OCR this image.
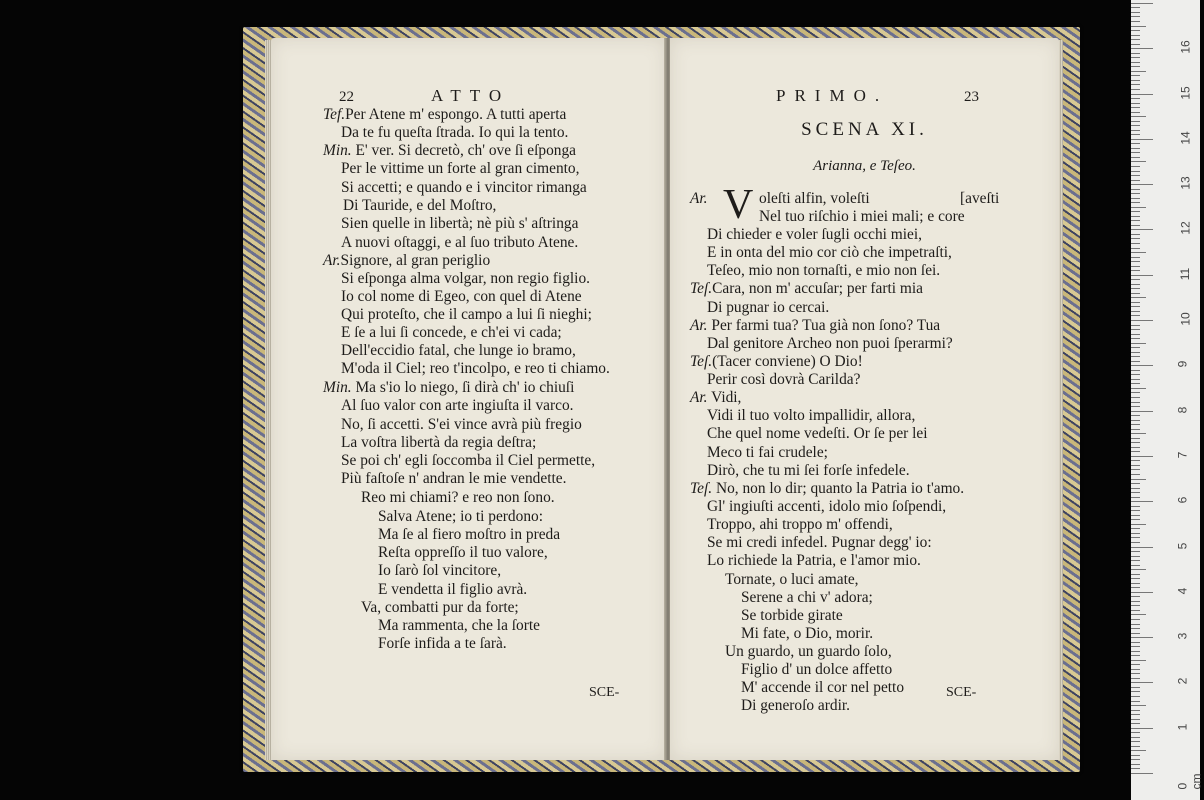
22	ATTO
Tef.Per Atene m' espongo. A tutti aperta
Da te fu queſta ſtrada. Io qui la tento.
Min. E' ver. Si decretò, ch' ove ſi eſponga
Per le vittime un forte al gran cimento,
Si accetti; e quando e i vincitor rimanga
Di Tauride, e del Moſtro,
Sien quelle in libertà; nè più s' aſtringa
A nuovi oſtaggi, e al ſuo tributo Atene.
Ar.Signore, al gran periglio
Si eſponga alma volgar, non regio figlio.
Io col nome di Egeo, con quel di Atene
Qui proteſto, che il campo a lui ſi nieghi;
E ſe a lui ſi concede, e ch'ei vi cada;
Dell'eccidio fatal, che lunge io bramo,
M'oda il Ciel; reo t'incolpo, e reo ti chiamo.
Min. Ma s'io lo niego, ſi dirà ch' io chiuſi
Al ſuo valor con arte ingiuſta il varco.
No, ſi accetti. S'ei vince avrà più fregio
La voſtra libertà da regia deſtra;
Se poi ch' egli ſoccomba il Ciel permette,
Più faſtoſe n' andran le mie vendette.
Reo mi chiami? e reo non ſono.
Salva Atene; io ti perdono:
Ma ſe al fiero moſtro in preda
Reſta oppreſſo il tuo valore,
Io ſarò ſol vincitore,
E vendetta il figlio avrà.
Va, combatti pur da forte;
Ma rammenta, che la ſorte
Forſe infida a te ſarà.
SCE-
PRIMO.	23
SCENA XI.
Arianna, e Teſeo.
Ar. V oleſti alfin, voleſti	[aveſti
Nel tuo riſchio i miei mali; e core
Di chieder e voler ſugli occhi miei,
E in onta del mio cor ciò che impetraſti,
Teſeo, mio non tornaſti, e mio non ſei.
Teſ.Cara, non m' accuſar; per farti mia
Di pugnar io cercai.
Ar. Per farmi tua? Tua già non ſono? Tua
Dal genitore Archeo non puoi ſperarmi?
Teſ.(Tacer conviene) O Dio!
Perir così dovrà Carilda?
Ar. Vidi,
Vidi il tuo volto impallidir, allora,
Che quel nome vedeſti. Or ſe per lei
Meco ti fai crudele;
Dirò, che tu mi ſei forſe infedele.
Teſ. No, non lo dir; quanto la Patria io t'amo.
Gl' ingiuſti accenti, idolo mio ſoſpendi,
Troppo, ahi troppo m' offendi,
Se mi credi infedel. Pugnar degg' io:
Lo richiede la Patria, e l'amor mio.
Tornate, o luci amate,
Serene a chi v' adora;
Se torbide girate
Mi fate, o Dio, morir.
Un guardo, un guardo ſolo,
Figlio d' un dolce affetto
M' accende il cor nel petto
Di generoſo ardir.
SCE-
0 cm
1
2
3
4
5
6
7
8
9
10
11
12
13
14
15
16
